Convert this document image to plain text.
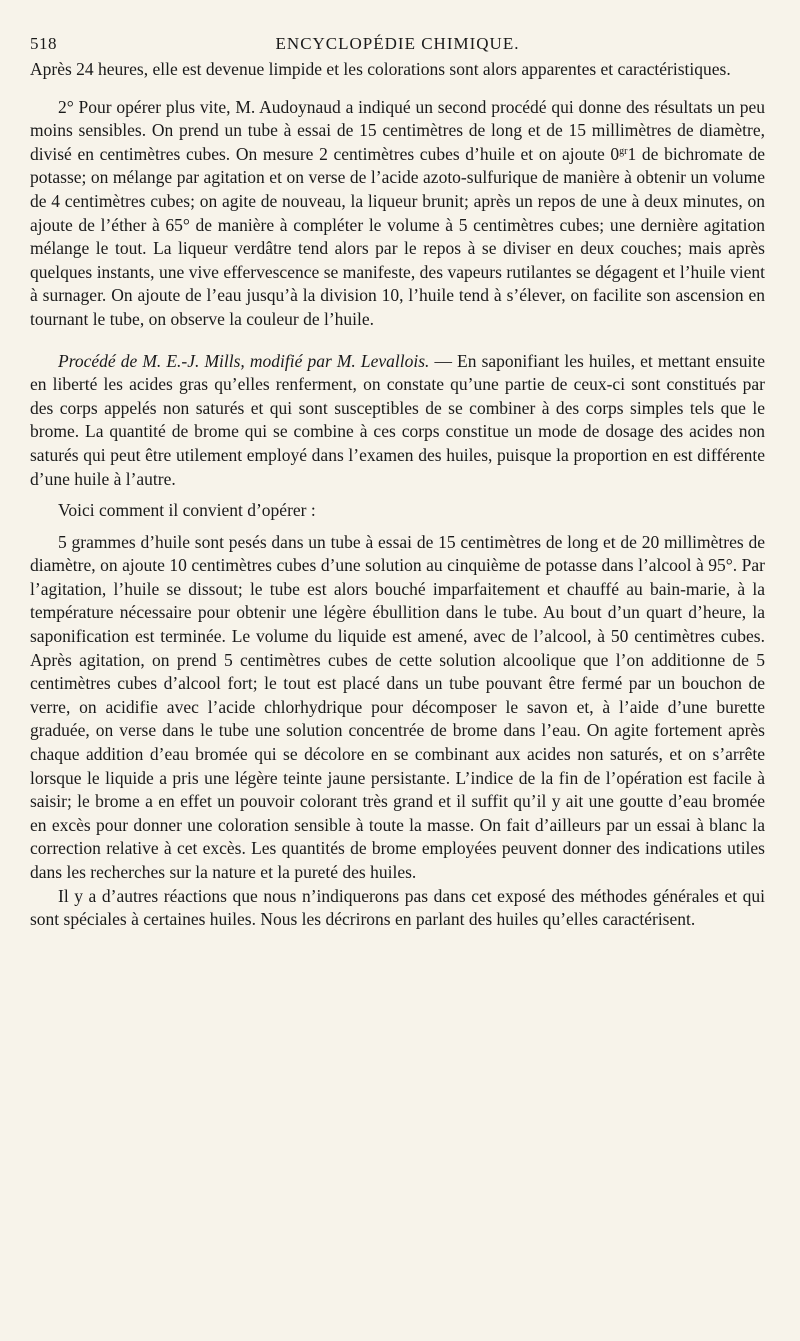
518	ENCYCLOPÉDIE CHIMIQUE.

Après 24 heures, elle est devenue limpide et les colorations sont alors apparentes et caractéristiques.

2° Pour opérer plus vite, M. Audoynaud a indiqué un second procédé qui donne des résultats un peu moins sensibles. On prend un tube à essai de 15 centimètres de long et de 15 millimètres de diamètre, divisé en centimètres cubes. On mesure 2 centimètres cubes d’huile et on ajoute $0^{gr}1$ de bichromate de potasse; on mélange par agitation et on verse de l’acide azoto-sulfurique de manière à obtenir un volume de 4 centimètres cubes; on agite de nouveau, la liqueur brunit; après un repos de une à deux minutes, on ajoute de l’éther à 65° de manière à compléter le volume à 5 centimètres cubes; une dernière agitation mélange le tout. La liqueur verdâtre tend alors par le repos à se diviser en deux couches; mais après quelques instants, une vive effervescence se manifeste, des vapeurs rutilantes se dégagent et l’huile vient à surnager. On ajoute de l’eau jusqu’à la division 10, l’huile tend à s’élever, on facilite son ascension en tournant le tube, on observe la couleur de l’huile.

Procédé de M. E.-J. Mills, modifié par M. Levallois. — En saponifiant les huiles, et mettant ensuite en liberté les acides gras qu’elles renferment, on constate qu’une partie de ceux-ci sont constitués par des corps appelés non saturés et qui sont susceptibles de se combiner à des corps simples tels que le brome. La quantité de brome qui se combine à ces corps constitue un mode de dosage des acides non saturés qui peut être utilement employé dans l’examen des huiles, puisque la proportion en est différente d’une huile à l’autre.

Voici comment il convient d’opérer :

5 grammes d’huile sont pesés dans un tube à essai de 15 centimètres de long et de 20 millimètres de diamètre, on ajoute 10 centimètres cubes d’une solution au cinquième de potasse dans l’alcool à 95°. Par l’agitation, l’huile se dissout; le tube est alors bouché imparfaitement et chauffé au bain-marie, à la température nécessaire pour obtenir une légère ébullition dans le tube. Au bout d’un quart d’heure, la saponification est terminée. Le volume du liquide est amené, avec de l’alcool, à 50 centimètres cubes. Après agitation, on prend 5 centimètres cubes de cette solution alcoolique que l’on additionne de 5 centimètres cubes d’alcool fort; le tout est placé dans un tube pouvant être fermé par un bouchon de verre, on acidifie avec l’acide chlorhydrique pour décomposer le savon et, à l’aide d’une burette graduée, on verse dans le tube une solution concentrée de brome dans l’eau. On agite fortement après chaque addition d’eau bromée qui se décolore en se combinant aux acides non saturés, et on s’arrête lorsque le liquide a pris une légère teinte jaune persistante. L’indice de la fin de l’opération est facile à saisir; le brome a en effet un pouvoir colorant très grand et il suffit qu’il y ait une goutte d’eau bromée en excès pour donner une coloration sensible à toute la masse. On fait d’ailleurs par un essai à blanc la correction relative à cet excès. Les quantités de brome employées peuvent donner des indications utiles dans les recherches sur la nature et la pureté des huiles.

Il y a d’autres réactions que nous n’indiquerons pas dans cet exposé des méthodes générales et qui sont spéciales à certaines huiles. Nous les décrirons en parlant des huiles qu’elles caractérisent.
